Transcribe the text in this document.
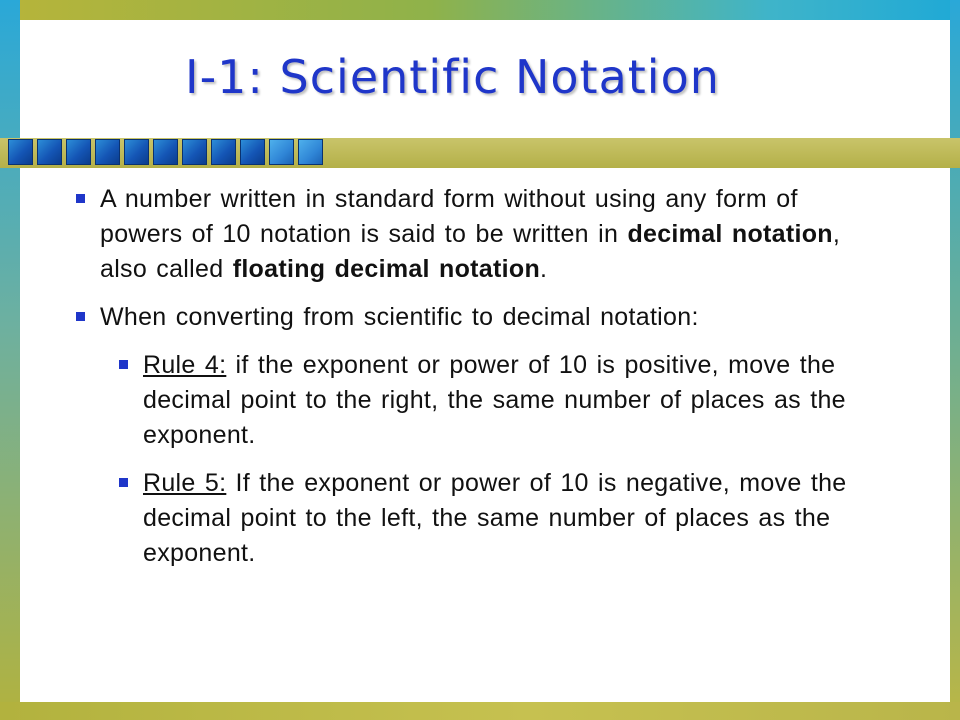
I-1: Scientific Notation
A number written in standard form without using any form of powers of 10 notation is said to be written in decimal notation, also called floating decimal notation.
When converting from scientific to decimal notation:
Rule 4: if the exponent or power of 10 is positive, move the decimal point to the right, the same number of places as the exponent.
Rule 5: If the exponent or power of 10 is negative, move the decimal point to the left, the same number of places as the exponent.
